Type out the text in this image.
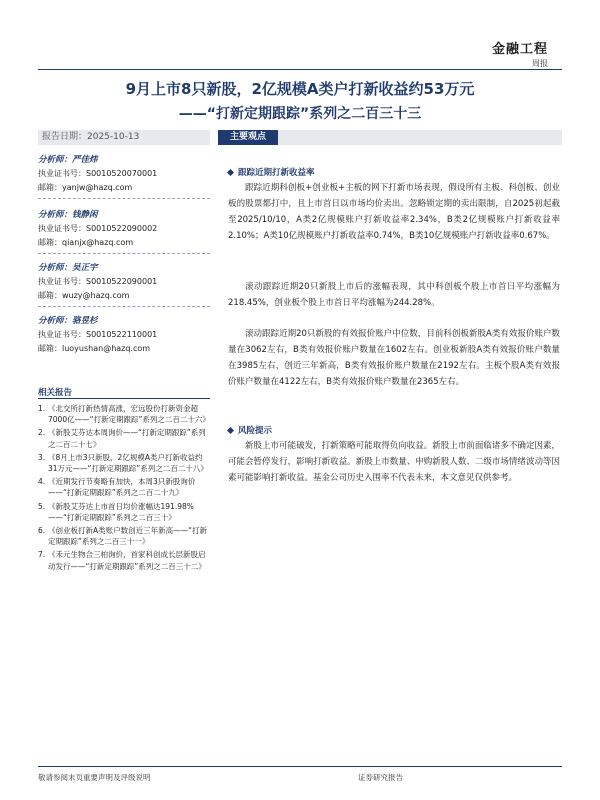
金融工程
周报
9月上市8只新股，2亿规模A类户打新收益约53万元
——“打新定期跟踪”系列之二百三十三
报告日期：2025-10-13	主要观点
分析师：严佳炜
执业证书号：S0010520070001
邮箱：yanjw@hazq.com
分析师：钱静闲
执业证书号：S0010522090002
邮箱：qianjx@hazq.com
分析师：吴正宇
执业证书号：S0010522090001
邮箱：wuzy@hazq.com
分析师：骆昱杉
执业证书号：S0010522110001
邮箱：luoyushan@hazq.com
相关报告
1. 《北交所打新热情高涨，宏远股份打新资金超7000亿——“打新定期跟踪”系列之二百二十六》
2. 《新股艾芬达本周询价——“打新定期跟踪”系列之二百二十七》
3. 《8月上市3只新股，2亿规模A类户打新收益约31万元——“打新定期跟踪”系列之二百二十八》
4. 《近期发行节奏略有加快，本周3只新股询价——“打新定期跟踪”系列之二百二十九》
5. 《新股艾芬达上市首日均价涨幅达191.98%——“打新定期跟踪”系列之二百三十》
6. 《创业板打新A类账户数创近三年新高——“打新定期跟踪”系列之二百三十一》
7. 《禾元生物合三柏询价，首家科创成长层新股启动发行——“打新定期跟踪”系列之二百三十二》
跟踪近期打新收益率
跟踪近期科创板+创业板+主板的网下打新市场表现，假设所有主板、科创板、创业板的股票都打中，且上市首日以市场均价卖出。忽略锁定期的卖出限制，自2025初起截至2025/10/10，A类2亿规模账户打新收益率2.34%，B类2亿规模账户打新收益率2.10%；A类10亿规模账户打新收益率0.74%，B类10亿规模账户打新收益率0.67%。
滚动跟踪近期20只新股上市后的涨幅表现，其中科创板个股上市首日平均涨幅为218.45%，创业板个股上市首日平均涨幅为244.28%。
滚动跟踪近期20只新股的有效报价账户中位数，目前科创板新股A类有效报价账户数量在3062左右，B类有效报价账户数量在1602左右。创业板新股A类有效报价账户数量在3985左右，创近三年新高，B类有效报价账户数量在2192左右。主板个股A类有效报价账户数量在4122左右，B类有效报价账户数量在2365左右。
风险提示
新股上市可能破发，打新策略可能取得负向收益。新股上市前面临诸多不确定因素，可能会暂停发行，影响打新收益。新股上市数量、申购新股人数、二级市场情绪波动等因素可能影响打新收益。基金公司历史入围率不代表未来，本文意见仅供参考。
敬请参阅末页重要声明及评级说明	证券研究报告
